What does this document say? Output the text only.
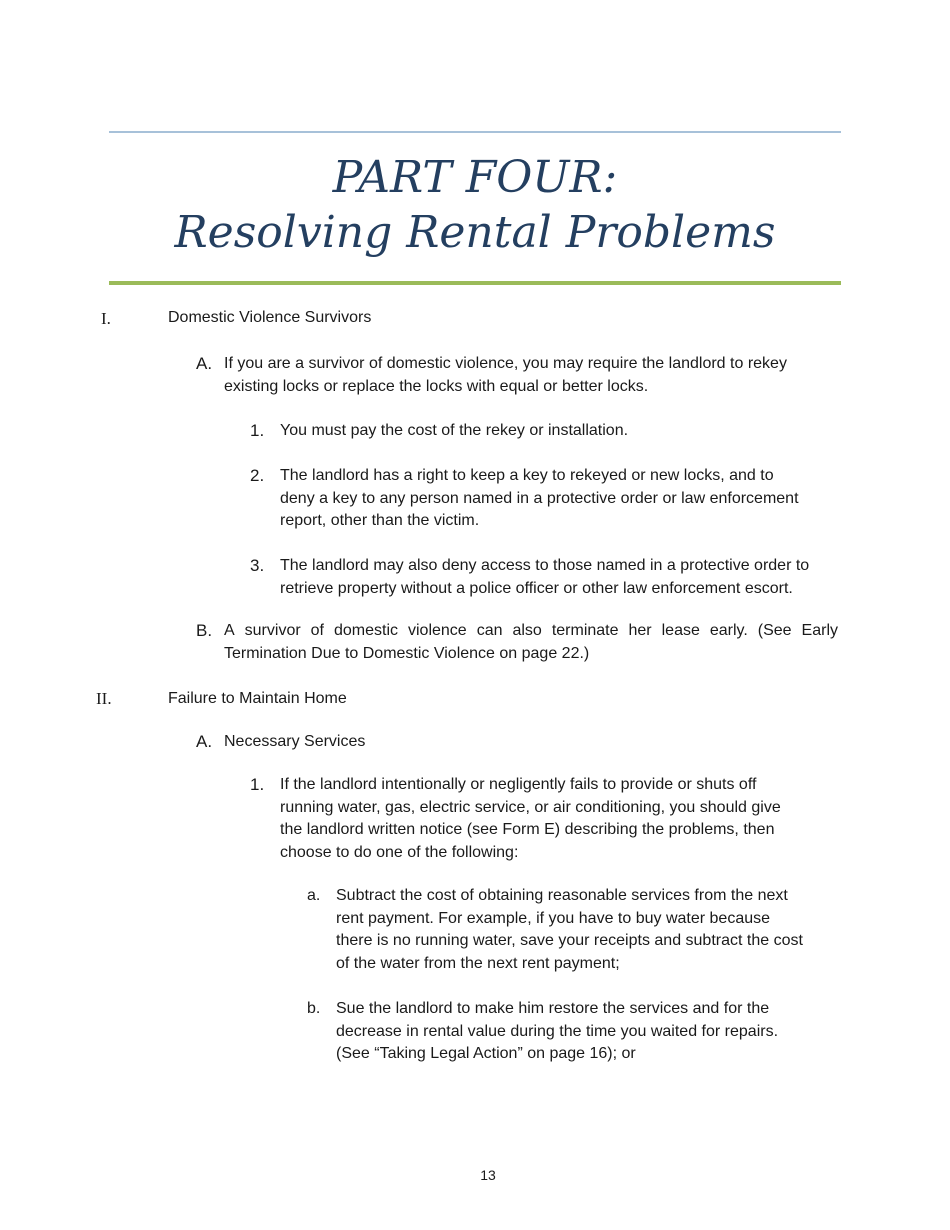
PART FOUR:
Resolving Rental Problems
I.	Domestic Violence Survivors
A. If you are a survivor of domestic violence, you may require the landlord to rekey
existing locks or replace the locks with equal or better locks.
1. You must pay the cost of the rekey or installation.
2. The landlord has a right to keep a key to rekeyed or new locks, and to
deny a key to any person named in a protective order or law enforcement
report, other than the victim.
3. The landlord may also deny access to those named in a protective order to
retrieve property without a police officer or other law enforcement escort.
B. A survivor of domestic violence can also terminate her lease early. (See Early
Termination Due to Domestic Violence on page 22.)
II.	Failure to Maintain Home
A. Necessary Services
1. If the landlord intentionally or negligently fails to provide or shuts off
running water, gas, electric service, or air conditioning, you should give
the landlord written notice (see Form E) describing the problems, then
choose to do one of the following:
a. Subtract the cost of obtaining reasonable services from the next
rent payment. For example, if you have to buy water because
there is no running water, save your receipts and subtract the cost
of the water from the next rent payment;
b. Sue the landlord to make him restore the services and for the
decrease in rental value during the time you waited for repairs.
(See “Taking Legal Action” on page 16); or
13
